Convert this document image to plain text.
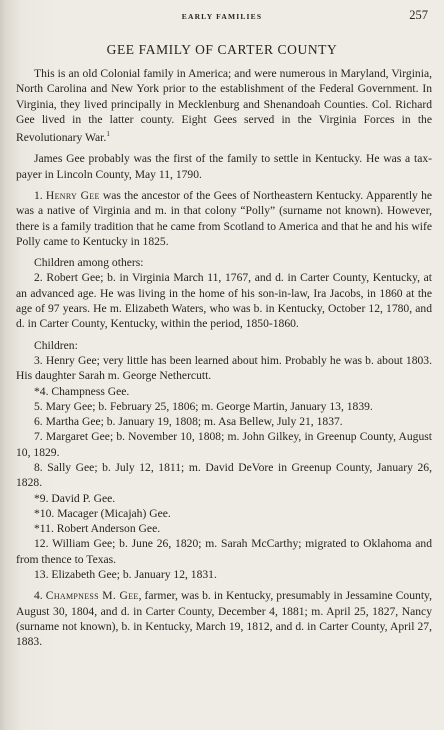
EARLY FAMILIES	257
GEE FAMILY OF CARTER COUNTY

This is an old Colonial family in America; and were numerous in Maryland, Virginia, North Carolina and New York prior to the establishment of the Federal Government. In Virginia, they lived principally in Mecklenburg and Shenandoah Counties. Col. Richard Gee lived in the latter county. Eight Gees served in the Virginia Forces in the Revolutionary War.$^1$

James Gee probably was the first of the family to settle in Kentucky. He was a tax-payer in Lincoln County, May 11, 1790.

1. Henry Gee was the ancestor of the Gees of Northeastern Kentucky. Apparently he was a native of Virginia and m. in that colony “Polly” (surname not known). However, there is a family tradition that he came from Scotland to America and that he and his wife Polly came to Kentucky in 1825.

Children among others:

2. Robert Gee; b. in Virginia March 11, 1767, and d. in Carter County, Kentucky, at an advanced age. He was living in the home of his son-in-law, Ira Jacobs, in 1860 at the age of 97 years. He m. Elizabeth Waters, who was b. in Kentucky, October 12, 1780, and d. in Carter County, Kentucky, within the period, 1850-1860.

Children:

3. Henry Gee; very little has been learned about him. Probably he was b. about 1803. His daughter Sarah m. George Nethercutt.

*4. Champness Gee.

5. Mary Gee; b. February 25, 1806; m. George Martin, January 13, 1839.

6. Martha Gee; b. January 19, 1808; m. Asa Bellew, July 21, 1837.

7. Margaret Gee; b. November 10, 1808; m. John Gilkey, in Greenup County, August 10, 1829.

8. Sally Gee; b. July 12, 1811; m. David DeVore in Greenup County, January 26, 1828.

*9. David P. Gee.

*10. Macager (Micajah) Gee.

*11. Robert Anderson Gee.

12. William Gee; b. June 26, 1820; m. Sarah McCarthy; migrated to Oklahoma and from thence to Texas.

13. Elizabeth Gee; b. January 12, 1831.

4. Champness M. Gee, farmer, was b. in Kentucky, presumably in Jessamine County, August 30, 1804, and d. in Carter County, December 4, 1881; m. April 25, 1827, Nancy (surname not known), b. in Kentucky, March 19, 1812, and d. in Carter County, April 27, 1883.
